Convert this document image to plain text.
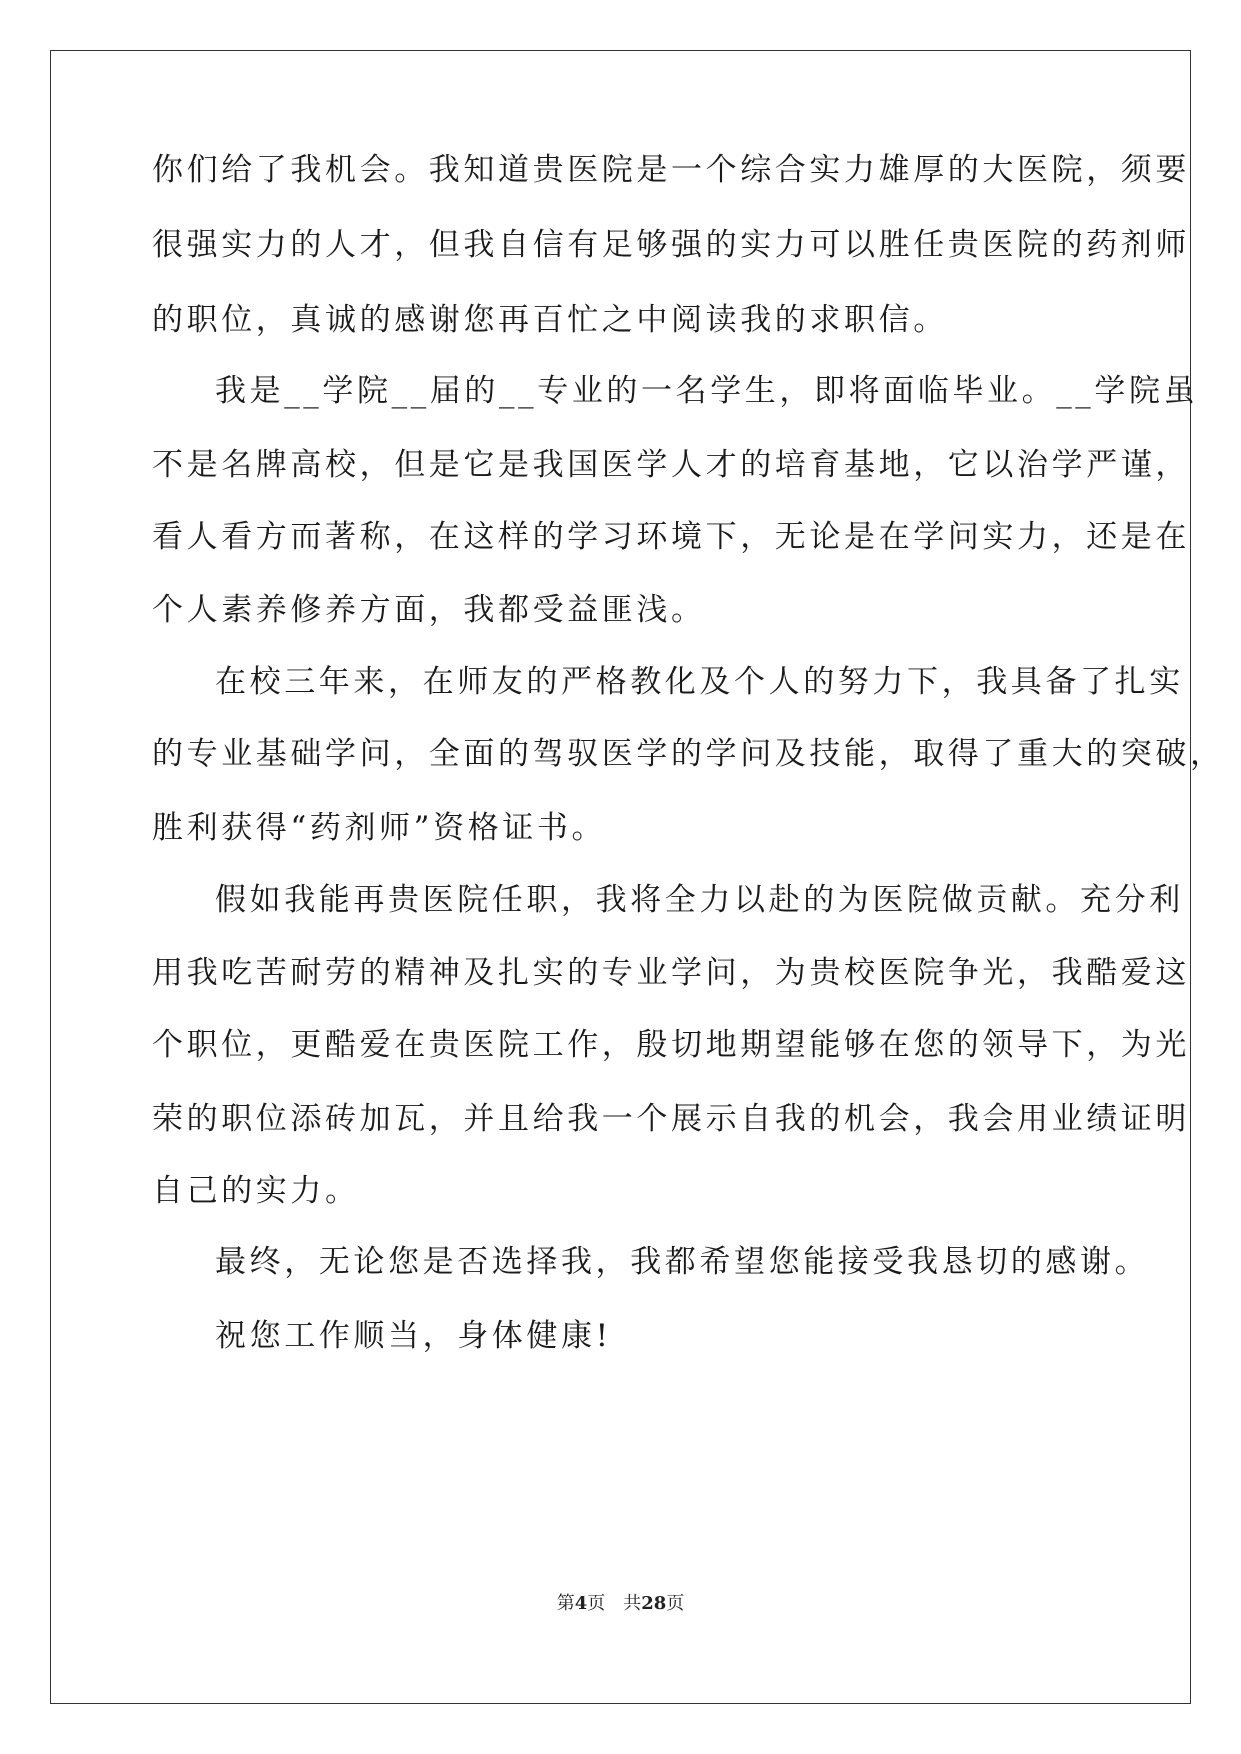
你们给了我机会。我知道贵医院是一个综合实力雄厚的大医院，须要
很强实力的人才，但我自信有足够强的实力可以胜任贵医院的药剂师
的职位，真诚的感谢您再百忙之中阅读我的求职信。
我是__学院__届的__专业的一名学生，即将面临毕业。__学院虽
不是名牌高校，但是它是我国医学人才的培育基地，它以治学严谨，
看人看方而著称，在这样的学习环境下，无论是在学问实力，还是在
个人素养修养方面，我都受益匪浅。
在校三年来，在师友的严格教化及个人的努力下，我具备了扎实
的专业基础学问，全面的驾驭医学的学问及技能，取得了重大的突破，
胜利获得“药剂师”资格证书。
假如我能再贵医院任职，我将全力以赴的为医院做贡献。充分利
用我吃苦耐劳的精神及扎实的专业学问，为贵校医院争光，我酷爱这
个职位，更酷爱在贵医院工作，殷切地期望能够在您的领导下，为光
荣的职位添砖加瓦，并且给我一个展示自我的机会，我会用业绩证明
自己的实力。
最终，无论您是否选择我，我都希望您能接受我恳切的感谢。
祝您工作顺当，身体健康!
第4页 共28页
